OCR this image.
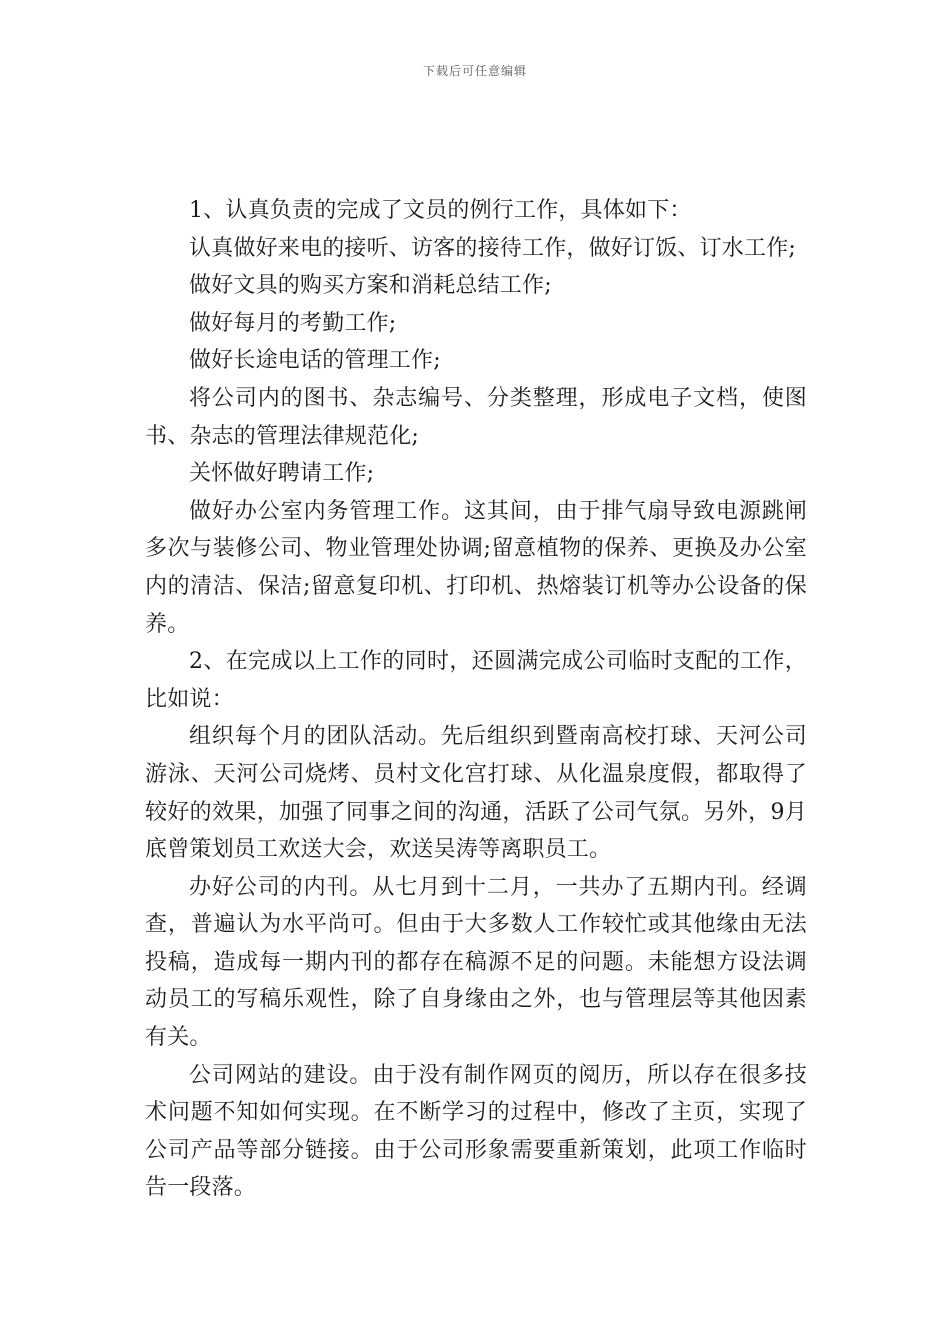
下载后可任意编辑

1、认真负责的完成了文员的例行工作，具体如下：

认真做好来电的接听、访客的接待工作，做好订饭、订水工作;

做好文具的购买方案和消耗总结工作;

做好每月的考勤工作;

做好长途电话的管理工作;

将公司内的图书、杂志编号、分类整理，形成电子文档，使图书、杂志的管理法律规范化;

关怀做好聘请工作;

做好办公室内务管理工作。这其间，由于排气扇导致电源跳闸多次与装修公司、物业管理处协调;留意植物的保养、更换及办公室内的清洁、保洁;留意复印机、打印机、热熔装订机等办公设备的保养。

2、在完成以上工作的同时，还圆满完成公司临时支配的工作，比如说：

组织每个月的团队活动。先后组织到暨南高校打球、天河公司游泳、天河公司烧烤、员村文化宫打球、从化温泉度假，都取得了较好的效果，加强了同事之间的沟通，活跃了公司气氛。另外，9月底曾策划员工欢送大会，欢送吴涛等离职员工。

办好公司的内刊。从七月到十二月，一共办了五期内刊。经调查，普遍认为水平尚可。但由于大多数人工作较忙或其他缘由无法投稿，造成每一期内刊的都存在稿源不足的问题。未能想方设法调动员工的写稿乐观性，除了自身缘由之外，也与管理层等其他因素有关。

公司网站的建设。由于没有制作网页的阅历，所以存在很多技术问题不知如何实现。在不断学习的过程中，修改了主页，实现了公司产品等部分链接。由于公司形象需要重新策划，此项工作临时告一段落。
